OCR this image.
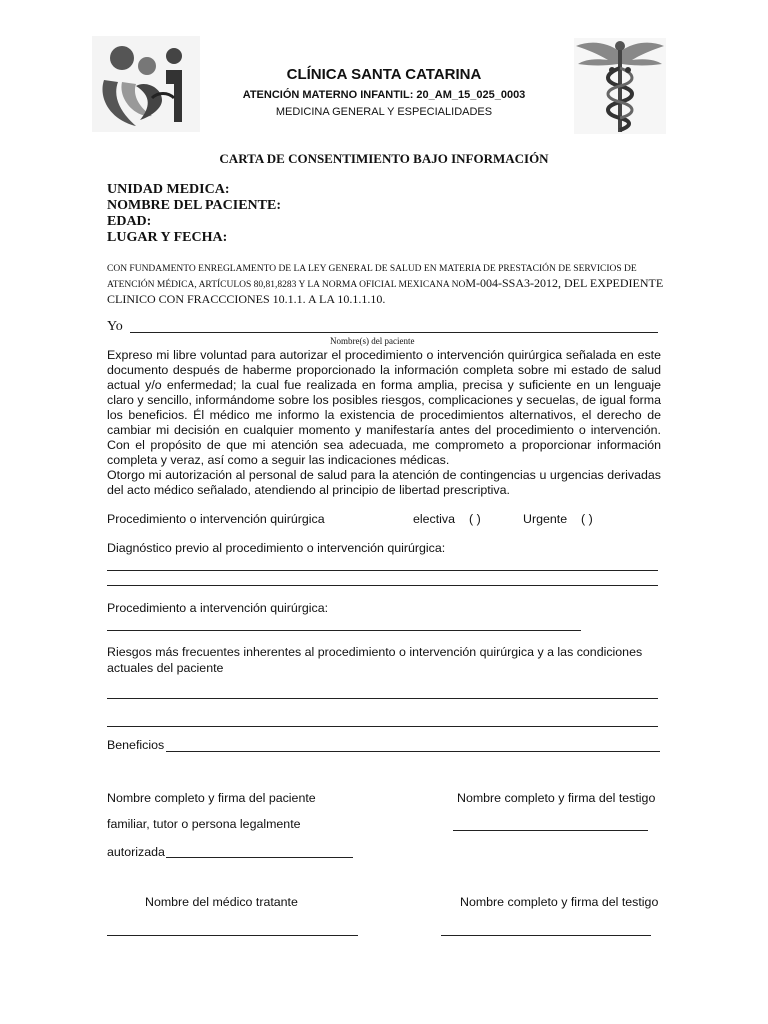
CLÍNICA SANTA CATARINA
ATENCIÓN MATERNO INFANTIL: 20_AM_15_025_0003
MEDICINA GENERAL Y ESPECIALIDADES
CARTA DE CONSENTIMIENTO BAJO INFORMACIÓN
UNIDAD MEDICA:
NOMBRE DEL PACIENTE:
EDAD:
LUGAR Y FECHA:
CON FUNDAMENTO ENREGLAMENTO DE LA LEY GENERAL DE SALUD EN MATERIA DE PRESTACIÓN DE SERVICIOS DE ATENCIÓN MÉDICA, ARTÍCULOS 80,81,8283 Y LA NORMA OFICIAL MEXICANA NOM-004-SSA3-2012, DEL EXPEDIENTE CLINICO CON FRACCCIONES 10.1.1. A LA 10.1.1.10.
Yo
Nombre(s) del paciente
Expreso mi libre voluntad para autorizar el procedimiento o intervención quirúrgica señalada en este documento después de haberme proporcionado la información completa sobre mi estado de salud actual y/o enfermedad; la cual fue realizada en forma amplia, precisa y suficiente en un lenguaje claro y sencillo, informándome sobre los posibles riesgos, complicaciones y secuelas, de igual forma los beneficios. Él médico me informo la existencia de procedimientos alternativos, el derecho de cambiar mi decisión en cualquier momento y manifestaría antes del procedimiento o intervención. Con el propósito de que mi atención sea adecuada, me comprometo a proporcionar información completa y veraz, así como a seguir las indicaciones médicas.
Otorgo mi autorización al personal de salud para la atención de contingencias u urgencias derivadas del acto médico señalado, atendiendo al principio de libertad prescriptiva.
Procedimiento o intervención quirúrgica	electiva ( )	Urgente ( )
Diagnóstico previo al procedimiento o intervención quirúrgica:
Procedimiento a intervención quirúrgica:
Riesgos más frecuentes inherentes al procedimiento o intervención quirúrgica y a las condiciones actuales del paciente
Beneficios
Nombre completo y firma del paciente
familiar, tutor o persona legalmente
autorizada
Nombre completo y firma del testigo
Nombre del médico tratante	Nombre completo y firma del testigo
